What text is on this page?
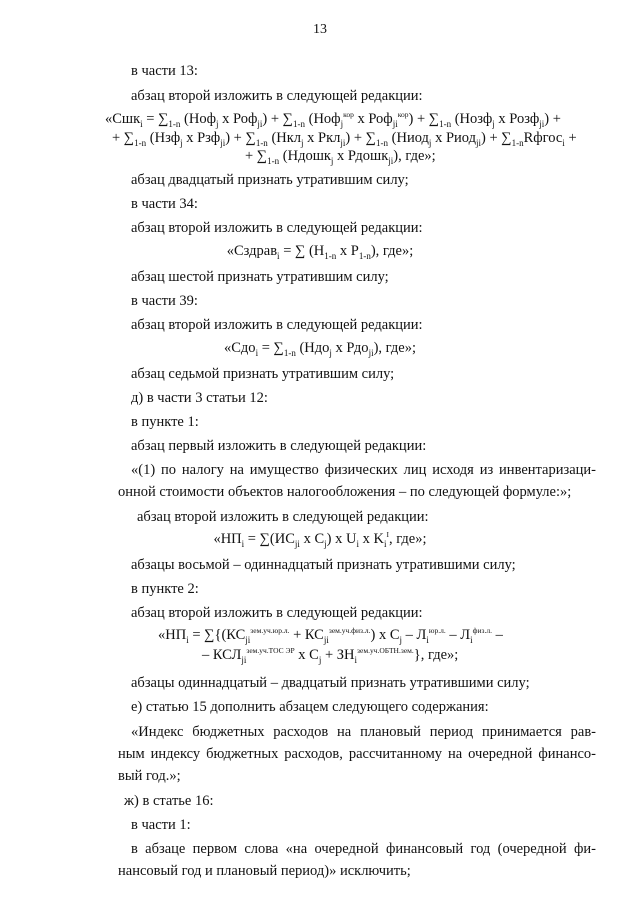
13
в части 13:
абзац второй изложить в следующей редакции:
«$Сшк_i = \sum_{1-n}$ (Ноф$_j$ х $Роф_{ji}) + \sum_{1-n}$ (Ноф$_j^{кор}$ х $Роф_{ji}^{кор}) + \sum_{1-n}$ (Нозф$_j$ х Розф$_{ji}$) +
+ $\sum_{1-n}$ (Нзф$_j$ х $Рзф_{ji}) + \sum_{1-n}$ (Нкл$_j$ х $Ркл_{ji}) + \sum_{1-n}$ (Ниод$_j$ х Риод$_{ji}$) + $\sum_{1-n}Rфгос_i$ +
+ $\sum_{1-n}$ (Ндошк$_j$ х Рдошк$_{ji}$), где»;
абзац двадцатый признать утратившим силу;
в части 34:
абзац второй изложить в следующей редакции:
«Сздрав$_i$ = ∑ ($Н_{1-n}$ х $Р_{1-n}$), где»;
абзац шестой признать утратившим силу;
в части 39:
абзац второй изложить в следующей редакции:
«$Сдо_i = \sum_{1-n}$ (Ндо$_j$ х Рдо$_{ji}$), где»;
абзац седьмой признать утратившим силу;
д) в части 3 статьи 12:
в пункте 1:
абзац первый изложить в следующей редакции:
«(1) по налогу на имущество физических лиц исходя из инвентаризаци-
онной стоимости объектов налогообложения – по следующей формуле:»;
абзац второй изложить в следующей редакции:
«$НП_i = \sum(ИС_{ji}$ х $С_j$) х $U_i$ х $K_i^I$, где»;
абзацы восьмой – одиннадцатый признать утратившими силу;
в пункте 2:
абзац второй изложить в следующей редакции:
«$НП_i = \sum\{(КС_{ji}^{зем.уч.юр.л.} + КС_{ji}^{зем.уч.физ.л.})$ х $С_j - Л_i^{юр.л.} - Л_i^{физ.л.}$ –
– $КСЛ_{ji}^{зем.уч.ТОС ЭР}$ х $С_j + ЗН_i^{зем.уч.ОБТН.зем.}$}, где»;
абзацы одиннадцатый – двадцатый признать утратившими силу;
е) статью 15 дополнить абзацем следующего содержания:
«Индекс бюджетных расходов на плановый период принимается рав-
ным индексу бюджетных расходов, рассчитанному на очередной финансо-
вый год.»;
ж) в статье 16:
в части 1:
в абзаце первом слова «на очередной финансовый год (очередной фи-
нансовый год и плановый период)» исключить;
